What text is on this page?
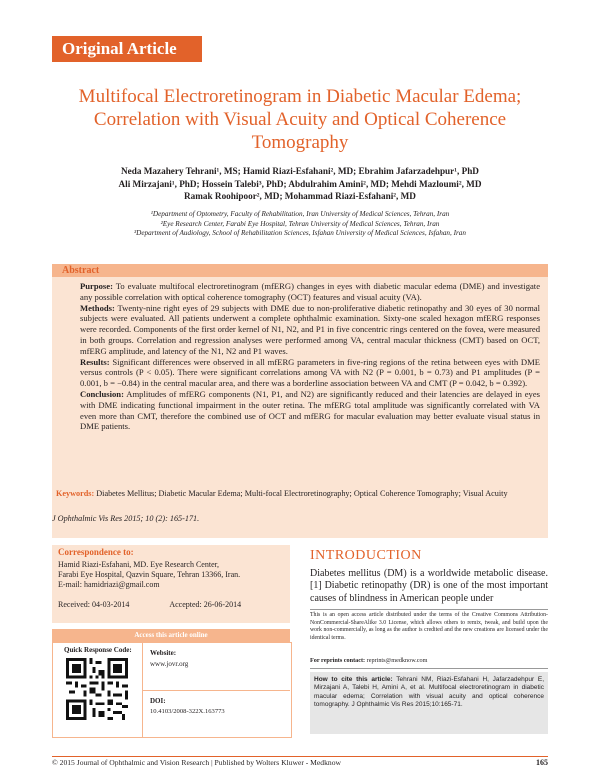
Original Article
Multifocal Electroretinogram in Diabetic Macular Edema; Correlation with Visual Acuity and Optical Coherence Tomography
Neda Mazahery Tehrani¹, MS; Hamid Riazi-Esfahani², MD; Ebrahim Jafarzadehpur¹, PhD
Ali Mirzajani¹, PhD; Hossein Talebi³, PhD; Abdulrahim Amini², MD; Mehdi Mazloumi², MD
Ramak Roohipoor², MD; Mohammad Riazi-Esfahani², MD
¹Department of Optometry, Faculty of Rehabilitation, Iran University of Medical Sciences, Tehran, Iran
²Eye Research Center, Farabi Eye Hospital, Tehran University of Medical Sciences, Tehran, Iran
³Department of Audiology, School of Rehabilitation Sciences, Isfahan University of Medical Sciences, Isfahan, Iran
Abstract

Purpose: To evaluate multifocal electroretinogram (mfERG) changes in eyes with diabetic macular edema (DME) and investigate any possible correlation with optical coherence tomography (OCT) features and visual acuity (VA).

Methods: Twenty-nine right eyes of 29 subjects with DME due to non-proliferative diabetic retinopathy and 30 eyes of 30 normal subjects were evaluated. All patients underwent a complete ophthalmic examination. Sixty-one scaled hexagon mfERG responses were recorded. Components of the first order kernel of N1, N2, and P1 in five concentric rings centered on the fovea, were measured in both groups. Correlation and regression analyses were performed among VA, central macular thickness (CMT) based on OCT, mfERG amplitude, and latency of the N1, N2 and P1 waves.

Results: Significant differences were observed in all mfERG parameters in five-ring regions of the retina between eyes with DME versus controls (P < 0.05). There were significant correlations among VA with N2 (P = 0.001, b = 0.73) and P1 amplitudes (P = 0.001, b = −0.84) in the central macular area, and there was a borderline association between VA and CMT (P = 0.042, b = 0.392).

Conclusion: Amplitudes of mfERG components (N1, P1, and N2) are significantly reduced and their latencies are delayed in eyes with DME indicating functional impairment in the outer retina. The mfERG total amplitude was significantly correlated with VA even more than CMT, therefore the combined use of OCT and mfERG for macular evaluation may better evaluate visual status in DME patients.

Keywords: Diabetes Mellitus; Diabetic Macular Edema; Multi-focal Electroretinography; Optical Coherence Tomography; Visual Acuity
J Ophthalmic Vis Res 2015; 10 (2): 165-171.
Correspondence to:
Hamid Riazi-Esfahani, MD. Eye Research Center,
Farabi Eye Hospital, Qazvin Square, Tehran 13366, Iran.
E-mail: hamidriazi@gmail.com
Received: 04-03-2014	Accepted: 26-06-2014
Access this article online
Quick Response Code:	Website:
www.jovr.org
DOI:
10.4103/2008-322X.163773
INTRODUCTION
Diabetes mellitus (DM) is a worldwide metabolic disease.[1] Diabetic retinopathy (DR) is one of the most important causes of blindness in American people under
This is an open access article distributed under the terms of the Creative Commons Attribution-NonCommercial-ShareAlike 3.0 License, which allows others to remix, tweak, and build upon the work non-commercially, as long as the author is credited and the new creations are licensed under the identical terms.
For reprints contact: reprints@medknow.com
How to cite this article: Tehrani NM, Riazi-Esfahani H, Jafarzadehpur E, Mirzajani A, Talebi H, Amini A, et al. Multifocal electroretinogram in diabetic macular edema; Correlation with visual acuity and optical coherence tomography. J Ophthalmic Vis Res 2015;10:165-71.
© 2015 Journal of Ophthalmic and Vision Research | Published by Wolters Kluwer - Medknow	165
